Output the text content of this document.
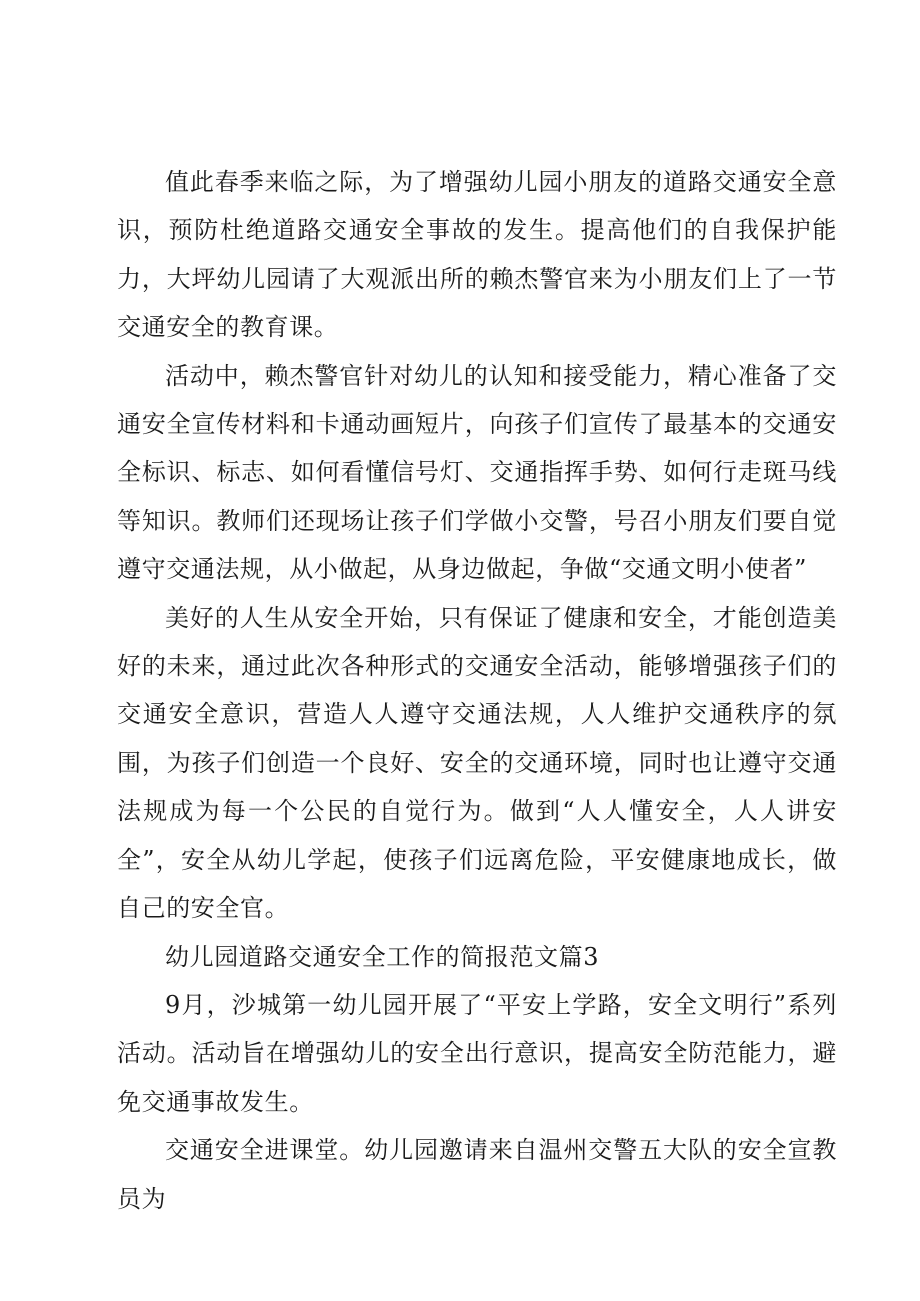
值此春季来临之际，为了增强幼儿园小朋友的道路交通安全意识，预防杜绝道路交通安全事故的发生。提高他们的自我保护能力，大坪幼儿园请了大观派出所的赖杰警官来为小朋友们上了一节交通安全的教育课。

活动中，赖杰警官针对幼儿的认知和接受能力，精心准备了交通安全宣传材料和卡通动画短片，向孩子们宣传了最基本的交通安全标识、标志、如何看懂信号灯、交通指挥手势、如何行走斑马线等知识。教师们还现场让孩子们学做小交警，号召小朋友们要自觉遵守交通法规，从小做起，从身边做起，争做“交通文明小使者”

美好的人生从安全开始，只有保证了健康和安全，才能创造美好的未来，通过此次各种形式的交通安全活动，能够增强孩子们的交通安全意识，营造人人遵守交通法规，人人维护交通秩序的氛围，为孩子们创造一个良好、安全的交通环境，同时也让遵守交通法规成为每一个公民的自觉行为。做到“人人懂安全，人人讲安全”，安全从幼儿学起，使孩子们远离危险，平安健康地成长，做自己的安全官。

幼儿园道路交通安全工作的简报范文篇3

9月，沙城第一幼儿园开展了“平安上学路，安全文明行”系列活动。活动旨在增强幼儿的安全出行意识，提高安全防范能力，避免交通事故发生。

交通安全进课堂。幼儿园邀请来自温州交警五大队的安全宣教员为
